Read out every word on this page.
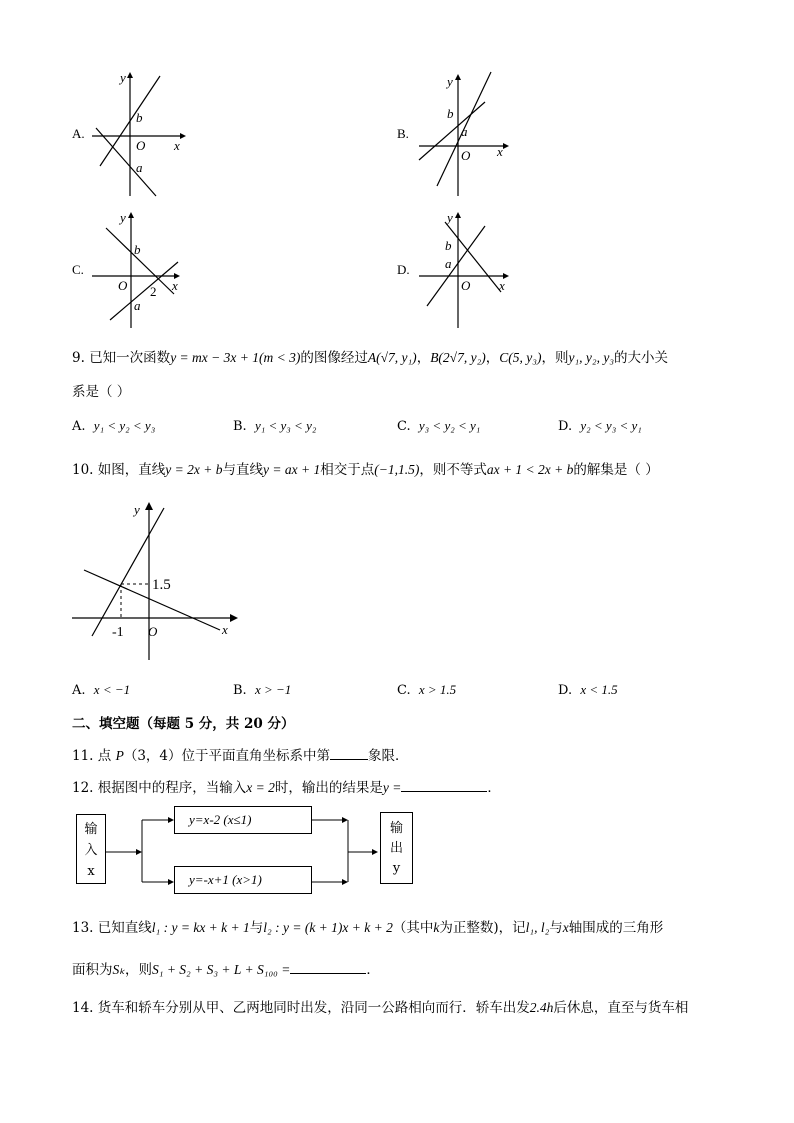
A.
y
x
O
b
a
B.
y
x
O
b
a
C.
y
x
O
b
a
2
D.
y
x
O
b
a
9. 已知一次函数y = mx − 3x + 1(m < 3)的图像经过A(√7, y₁)，B(2√7, y₂)，C(5, y₃)，则y₁, y₂, y₃的大小关
系是（ ）
A. y₁ < y₂ < y₃	B. y₁ < y₃ < y₂	C. y₃ < y₂ < y₁	D. y₂ < y₃ < y₁
10. 如图，直线y = 2x + b与直线y = ax + 1相交于点(−1,1.5)，则不等式ax + 1 < 2x + b的解集是（ ）
y
x
O
1.5
-1
A. x < −1	B. x > −1	C. x > 1.5	D. x < 1.5
二、填空题（每题 5 分，共 20 分）
11. 点 P（3，4）位于平面直角坐标系中第	象限．
12. 根据图中的程序，当输入x = 2时，输出的结果是y =	．
输
入
x
y=x-2 (x≤1)
y=-x+1 (x>1)
输
出
y
13. 已知直线l₁ : y = kx + k + 1与l₂ : y = (k + 1)x + k + 2（其中k为正整数)，记l₁, l₂与x轴围成的三角形
面积为Sₖ，则S₁ + S₂ + S₃ + L + S₁₀₀ =	．
14. 货车和轿车分别从甲、乙两地同时出发，沿同一公路相向而行．轿车出发2.4h后休息，直至与货车相
